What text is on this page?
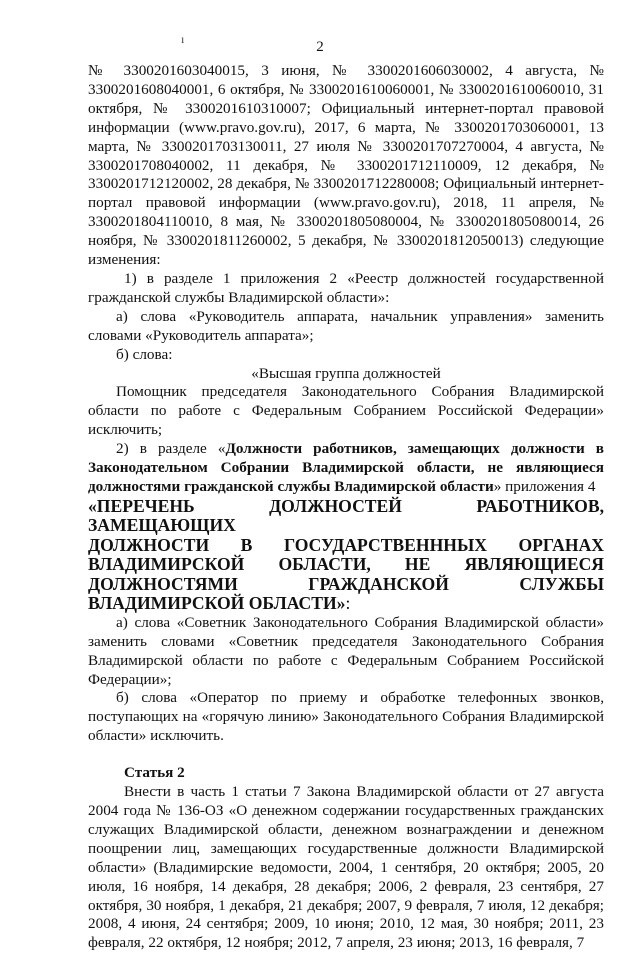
ı	2

№ 3300201603040015, 3 июня, № 3300201606030002, 4 августа, № 3300201608040001, 6 октября, № 3300201610060001, № 3300201610060010, 31 октября, № 3300201610310007; Официальный интернет-портал правовой информации (www.pravo.gov.ru), 2017, 6 марта, № 3300201703060001, 13 марта, № 3300201703130011, 27 июля № 3300201707270004, 4 августа, № 3300201708040002, 11 декабря, № 3300201712110009, 12 декабря, № 3300201712120002, 28 декабря, № 3300201712280008; Официальный интернет-портал правовой информации (www.pravo.gov.ru), 2018, 11 апреля, № 3300201804110010, 8 мая, № 3300201805080004, № 3300201805080014, 26 ноября, № 3300201811260002, 5 декабря, № 3300201812050013) следующие изменения:

1) в разделе 1 приложения 2 «Реестр должностей государственной гражданской службы Владимирской области»:

а) слова «Руководитель аппарата, начальник управления» заменить словами «Руководитель аппарата»;

б) слова:

«Высшая группа должностей

Помощник председателя Законодательного Собрания Владимирской области по работе с Федеральным Собранием Российской Федерации» исключить;

2) в разделе «Должности работников, замещающих должности в Законодательном Собрании Владимирской области, не являющиеся должностями гражданской службы Владимирской области» приложения 4

«ПЕРЕЧЕНЬ ДОЛЖНОСТЕЙ РАБОТНИКОВ, ЗАМЕЩАЮЩИХ

ДОЛЖНОСТИ В ГОСУДАРСТВЕНННЫХ ОРГАНАХ ВЛАДИМИРСКОЙ ОБЛАСТИ, НЕ ЯВЛЯЮЩИЕСЯ ДОЛЖНОСТЯМИ ГРАЖДАНСКОЙ СЛУЖБЫ ВЛАДИМИРСКОЙ ОБЛАСТИ»:

а) слова «Советник Законодательного Собрания Владимирской области» заменить словами «Советник председателя Законодательного Собрания Владимирской области по работе с Федеральным Собранием Российской Федерации»;

б) слова «Оператор по приему и обработке телефонных звонков, поступающих на «горячую линию» Законодательного Собрания Владимирской области» исключить.

Статья 2

Внести в часть 1 статьи 7 Закона Владимирской области от 27 августа 2004 года № 136-ОЗ «О денежном содержании государственных гражданских служащих Владимирской области, денежном вознаграждении и денежном поощрении лиц, замещающих государственные должности Владимирской области» (Владимирские ведомости, 2004, 1 сентября, 20 октября; 2005, 20 июля, 16 ноября, 14 декабря, 28 декабря; 2006, 2 февраля, 23 сентября, 27 октября, 30 ноября, 1 декабря, 21 декабря; 2007, 9 февраля, 7 июля, 12 декабря; 2008, 4 июня, 24 сентября; 2009, 10 июня; 2010, 12 мая, 30 ноября; 2011, 23 февраля, 22 октября, 12 ноября; 2012, 7 апреля, 23 июня; 2013, 16 февраля, 7
